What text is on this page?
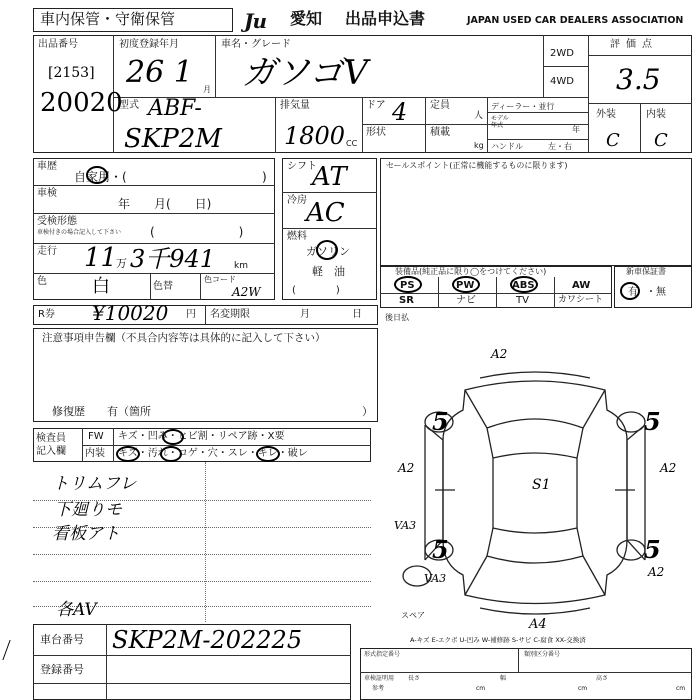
車内保管・守衛保管	Ju	愛知 出品申込書	JAPAN USED CAR DEALERS ASSOCIATION
出品番号
[2153]
20020
初度登録年月
26 1 月
車名・グレード
ガソゴV	2WD
4WD
評価点
3.5
外装	内装
C C
型式 ABF-
SKP2M
排気量
1800 CC
ドア 4
形状
定員
人
積載
kg
ディーラー・並行
モデル
年式	年
ハンドル	左・右
車歴
自家用・(	)
車検
年　　月(　　日)
受検形態
車検付きの場合記入して下さい (　　　　　　　)
走行 11
万 3千941 km
色	白	色替
色コード
A2W
シフト
AT
冷房 AC
燃料
ガソリン
軽　油
(　　　　)
セールスポイント(正常に機能するものに限ります)
装備品(純正品に限り◯をつけてください)
PS	PW	ABS	AW
SR	ナビ	TV	カワシート
新車保証書
有 ・無
R券 ¥10020 円 名変期限	月	日	後日払
注意事項申告欄（不具合内容等は具体的に記入して下さい）
修復歴　　有（箇所	）
検査員
記入欄
FW キズ・凹み・ヒビ割・リペア跡・X要
内装 キズ・汚れ・コゲ・穴・スレ・キレ・破レ
トリムフレ
下廻りモ
看板アト
各AV
車台番号 SKP2M-202225
登録番号
形式指定番号	類別区分番号
車検証明用
参考
長さ
cm
幅
cm
高さ
cm
スペア
A-キズ E-エクボ U-凹み W-補修跡 S-サビ C-腐食 XX-交換済
A2
A2	A2
A2
S1
VA3
VA3
A4
5	5
5	5
